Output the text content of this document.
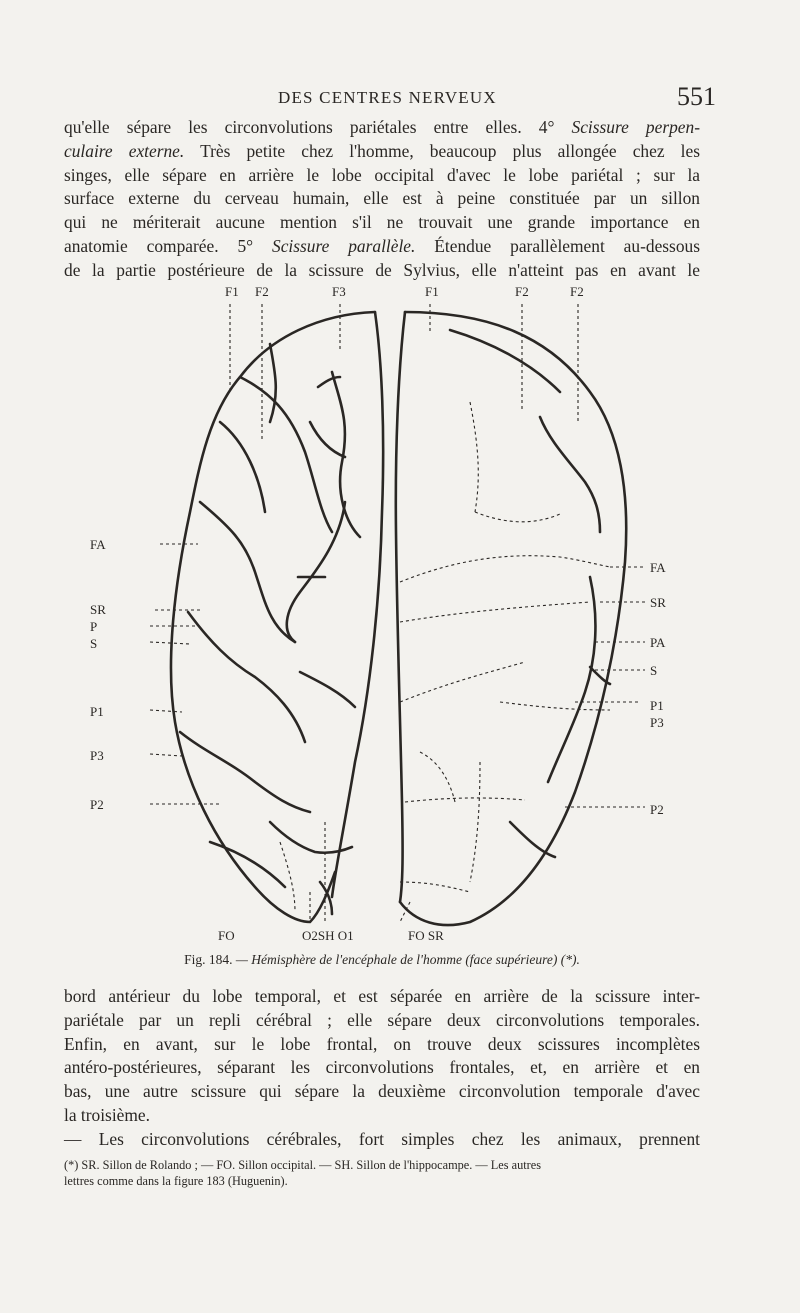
DES CENTRES NERVEUX	551
qu'elle sépare les circonvolutions pariétales entre elles. 4° Scissure perpen-
culaire externe. Très petite chez l'homme, beaucoup plus allongée chez les
singes, elle sépare en arrière le lobe occipital d'avec le lobe pariétal ; sur la
surface externe du cerveau humain, elle est à peine constituée par un sillon
qui ne mériterait aucune mention s'il ne trouvait une grande importance en
anatomie comparée. 5° Scissure parallèle. Étendue parallèlement au-dessous
de la partie postérieure de la scissure de Sylvius, elle n'atteint pas en avant le
F1 F2	F3	F1	F2	F2
FA
SR
P
S
P1
P3
P2
FA
SR
PA
S
P1
P3
P2
FO	O2SH O1	FO SR
Fig. 184. — Hémisphère de l'encéphale de l'homme (face supérieure) (*).
bord antérieur du lobe temporal, et est séparée en arrière de la scissure inter-
pariétale par un repli cérébral ; elle sépare deux circonvolutions temporales.
Enfin, en avant, sur le lobe frontal, on trouve deux scissures incomplètes
antéro-postérieures, séparant les circonvolutions frontales, et, en arrière et en
bas, une autre scissure qui sépare la deuxième circonvolution temporale d'avec
la troisième.
— Les circonvolutions cérébrales, fort simples chez les animaux, prennent
(*) SR. Sillon de Rolando ; — FO. Sillon occipital. — SH. Sillon de l'hippocampe. — Les autres
lettres comme dans la figure 183 (Huguenin).
